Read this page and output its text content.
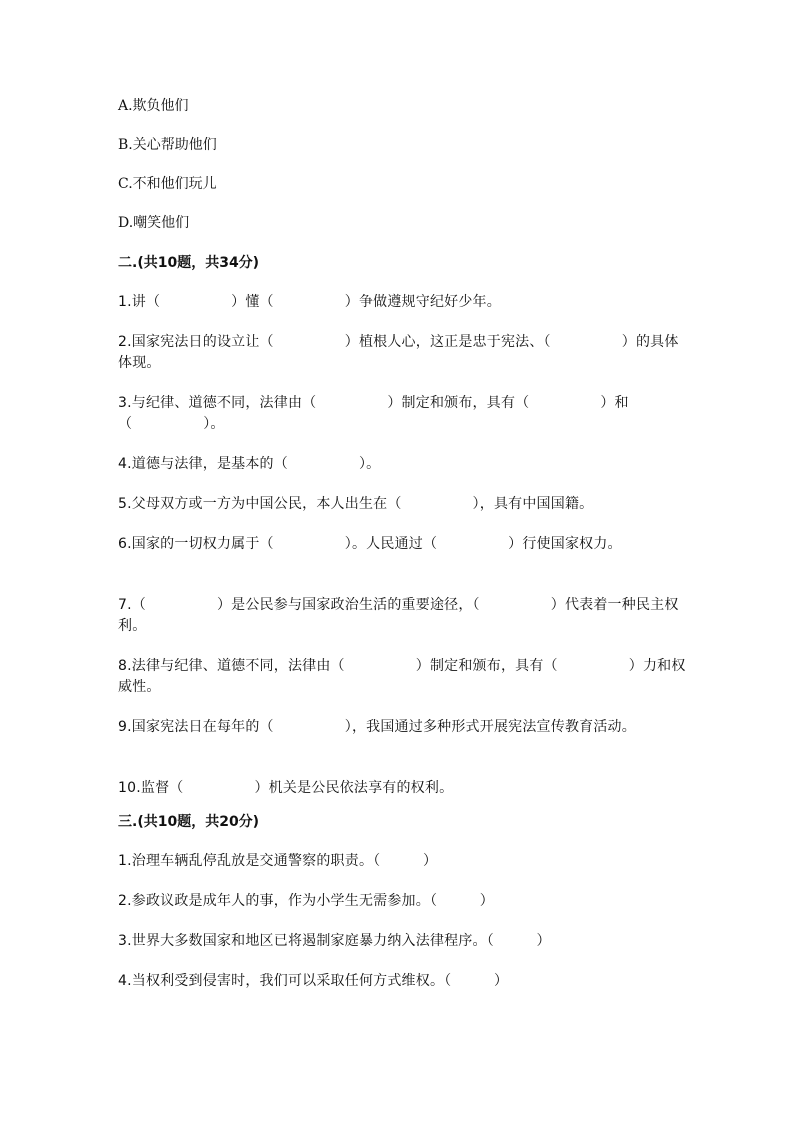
A.欺负他们
B.关心帮助他们
C.不和他们玩儿
D.嘲笑他们
二.(共10题，共34分)
1.讲（　　　　　）懂（　　　　　）争做遵规守纪好少年。
2.国家宪法日的设立让（　　　　　）植根人心，这正是忠于宪法、（　　　　　）的具体体现。
3.与纪律、道德不同，法律由（　　　　　）制定和颁布，具有（　　　　　）和（　　　　　）。
4.道德与法律，是基本的（　　　　　）。
5.父母双方或一方为中国公民，本人出生在（　　　　　），具有中国国籍。
6.国家的一切权力属于（　　　　　）。人民通过（　　　　　）行使国家权力。
7.（　　　　　）是公民参与国家政治生活的重要途径，（　　　　　）代表着一种民主权利。
8.法律与纪律、道德不同，法律由（　　　　　）制定和颁布，具有（　　　　　）力和权威性。
9.国家宪法日在每年的（　　　　　），我国通过多种形式开展宪法宣传教育活动。
10.监督（　　　　　）机关是公民依法享有的权利。
三.(共10题，共20分)
1.治理车辆乱停乱放是交通警察的职责。（　　　）
2.参政议政是成年人的事，作为小学生无需参加。（　　　）
3.世界大多数国家和地区已将遏制家庭暴力纳入法律程序。（　　　）
4.当权利受到侵害时，我们可以采取任何方式维权。（　　　）
